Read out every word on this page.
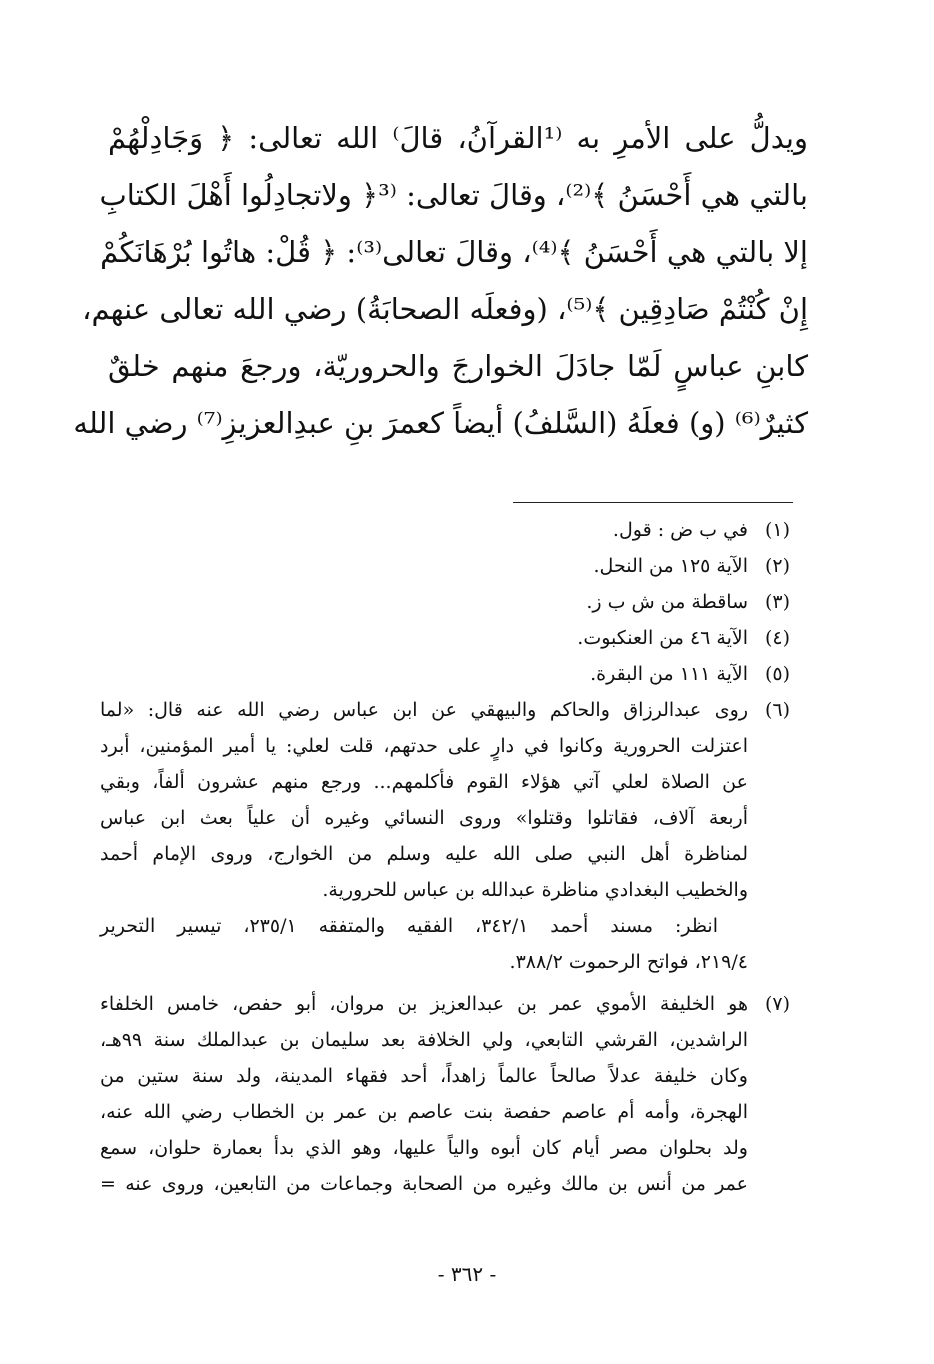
ويدلُّ على الأمرِ به ⁽¹القرآنُ، قالَ⁾ الله تعالى: ﴿ وَجَادِلْهُمْ
بالتي هي أَحْسَنُ ﴾⁽²⁾، وقالَ تعالى: ⁽³﴿ ولاتجادِلُوا أَهْلَ الكتابِ
إلا بالتي هي أَحْسَنُ ﴾⁽⁴⁾، وقالَ تعالى⁽³⁾: ﴿ قُلْ: هاتُوا بُرْهَانَكُمْ
إِنْ كُنْتُمْ صَادِقِين ﴾⁽⁵⁾، (وفعلَه الصحابَةُ) رضي الله تعالى عنهم،
كابنِ عباسٍ لَمّا جادَلَ الخوارجَ والحروريّة، ورجعَ منهم خلقٌ
كثيرٌ⁽⁶⁾ (و) فعلَهُ (السَّلفُ) أيضاً كعمرَ بنِ عبدِالعزيزِ⁽⁷⁾ رضي الله
(١)
في ب ض : قول.
(٢)
الآية ١٢٥ من النحل.
(٣)
ساقطة من ش ب ز.
(٤)
الآية ٤٦ من العنكبوت.
(٥)
الآية ١١١ من البقرة.
(٦)
روى عبدالرزاق والحاكم والبيهقي عن ابن عباس رضي الله عنه قال: «لما
اعتزلت الحرورية وكانوا في دارٍ على حدتهم، قلت لعلي: يا أمير المؤمنين، أبرد
عن الصلاة لعلي آتي هؤلاء القوم فأكلمهم... ورجع منهم عشرون ألفاً، وبقي
أربعة آلاف، فقاتلوا وقتلوا» وروى النسائي وغيره أن علياً بعث ابن عباس
لمناظرة أهل النبي صلى الله عليه وسلم من الخوارج، وروى الإمام أحمد
والخطيب البغدادي مناظرة عبدالله بن عباس للحرورية.
انظر: مسند أحمد ٣٤٢/١، الفقيه والمتفقه ٢٣٥/١، تيسير التحرير
٢١٩/٤، فواتح الرحموت ٣٨٨/٢.
(٧)
هو الخليفة الأموي عمر بن عبدالعزيز بن مروان، أبو حفص، خامس الخلفاء
الراشدين، القرشي التابعي، ولي الخلافة بعد سليمان بن عبدالملك سنة ٩٩هـ،
وكان خليفة عدلاً صالحاً عالماً زاهداً، أحد فقهاء المدينة، ولد سنة ستين من
الهجرة، وأمه أم عاصم حفصة بنت عاصم بن عمر بن الخطاب رضي الله عنه،
ولد بحلوان مصر أيام كان أبوه والياً عليها، وهو الذي بدأ بعمارة حلوان، سمع
عمر من أنس بن مالك وغيره من الصحابة وجماعات من التابعين، وروى عنه =
- ٣٦٢ -
